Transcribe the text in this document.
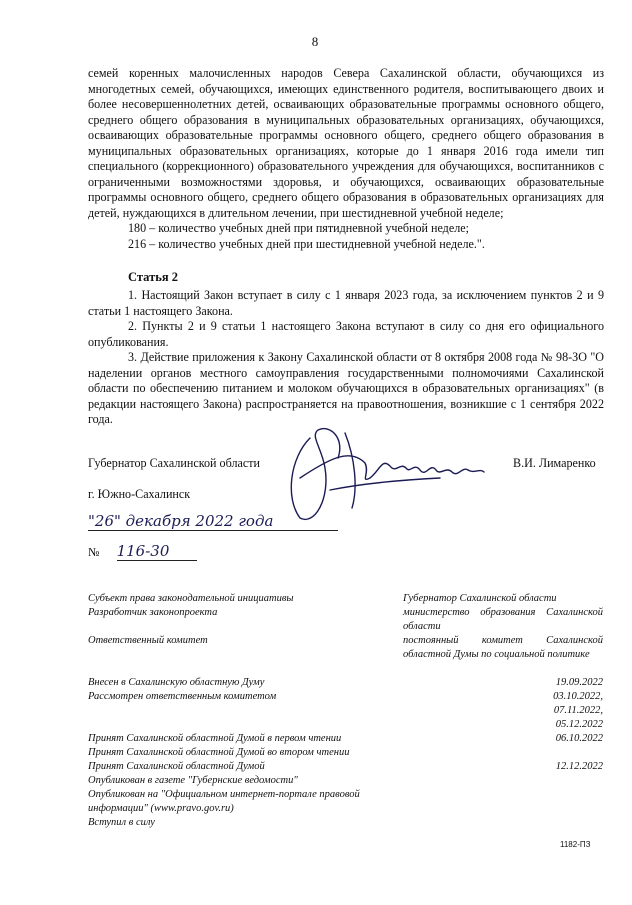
8

семей коренных малочисленных народов Севера Сахалинской области, обучающихся из многодетных семей, обучающихся, имеющих единственного родителя, воспитывающего двоих и более несовершеннолетних детей, осваивающих образовательные программы основного общего, среднего общего образования в муниципальных образовательных организациях, обучающихся, осваивающих образовательные программы основного общего, среднего общего образования в муниципальных образовательных организациях, которые до 1 января 2016 года имели тип специального (коррекционного) образовательного учреждения для обучающихся, воспитанников с ограниченными возможностями здоровья, и обучающихся, осваивающих образовательные программы основного общего, среднего общего образования в образовательных организациях для детей, нуждающихся в длительном лечении, при шестидневной учебной неделе;

180 – количество учебных дней при пятидневной учебной неделе;

216 – количество учебных дней при шестидневной учебной неделе.".

Статья 2

1. Настоящий Закон вступает в силу с 1 января 2023 года, за исключением пунктов 2 и 9 статьи 1 настоящего Закона.

2. Пункты 2 и 9 статьи 1 настоящего Закона вступают в силу со дня его официального опубликования.

3. Действие приложения к Закону Сахалинской области от 8 октября 2008 года № 98-ЗО "О наделении органов местного самоуправления государственными полномочиями Сахалинской области по обеспечению питанием и молоком обучающихся в образовательных организациях" (в редакции настоящего Закона) распространяется на правоотношения, возникшие с 1 сентября 2022 года.

Губернатор Сахалинской области	В.И. Лимаренко
г. Южно-Сахалинск
"26" декабря 2022 года
№ 116-30
Субъект права законодательной инициативы
Разработчик законопроекта
Ответственный комитет
Губернатор Сахалинской области
министерство образования Сахалинской области
постоянный комитет Сахалинской областной Думы по социальной политике
Внесен в Сахалинскую областную Думу
Рассмотрен ответственным комитетом
Принят Сахалинской областной Думой в первом чтении
Принят Сахалинской областной Думой во втором чтении
Принят Сахалинской областной Думой
Опубликован в газете "Губернские ведомости"
Опубликован на "Официальном интернет-портале правовой информации" (www.pravo.gov.ru)
Вступил в силу
19.09.2022
03.10.2022,
07.11.2022,
05.12.2022
06.10.2022
12.12.2022
1182-ПЗ
